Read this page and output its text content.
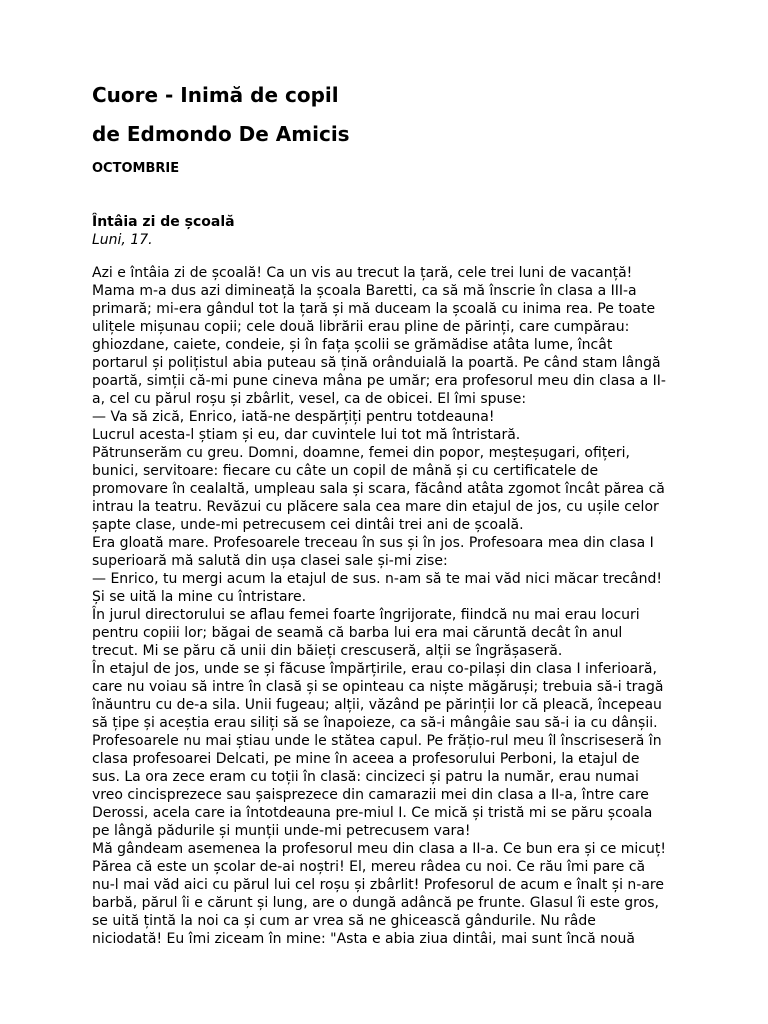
Cuore - Inimă de copil
de Edmondo De Amicis
OCTOMBRIE
Întâia zi de școală
Luni, 17.
Azi e întâia zi de școală! Ca un vis au trecut la țară, cele trei luni de vacanță!
Mama m-a dus azi dimineață la școala Baretti, ca să mă înscrie în clasa a III-a
primară; mi-era gândul tot la țară și mă duceam la școală cu inima rea. Pe toate
ulițele mișunau copii; cele două librării erau pline de părinți, care cumpărau:
ghiozdane, caiete, condeie, și în fața școlii se grămădise atâta lume, încât
portarul și polițistul abia puteau să țină orânduială la poartă. Pe când stam lângă
poartă, simții că-mi pune cineva mâna pe umăr; era profesorul meu din clasa a II-
a, cel cu părul roșu și zbârlit, vesel, ca de obicei. El îmi spuse:
— Va să zică, Enrico, iată-ne despărțiți pentru totdeauna!
Lucrul acesta-l știam și eu, dar cuvintele lui tot mă întristară.
Pătrunserăm cu greu. Domni, doamne, femei din popor, meșteșugari, ofițeri,
bunici, servitoare: fiecare cu câte un copil de mână și cu certificatele de
promovare în cealaltă, umpleau sala și scara, făcând atâta zgomot încât părea că
intrau la teatru. Revăzui cu plăcere sala cea mare din etajul de jos, cu ușile celor
șapte clase, unde-mi petrecusem cei dintâi trei ani de școală.
Era gloată mare. Profesoarele treceau în sus și în jos. Profesoara mea din clasa I
superioară mă salută din ușa clasei sale și-mi zise:
— Enrico, tu mergi acum la etajul de sus. n-am să te mai văd nici măcar trecând!
Și se uită la mine cu întristare.
În jurul directorului se aflau femei foarte îngrijorate, fiindcă nu mai erau locuri
pentru copiii lor; băgai de seamă că barba lui era mai căruntă decât în anul
trecut. Mi se păru că unii din băieți crescuseră, alții se îngrășaseră.
În etajul de jos, unde se și făcuse împărțirile, erau co-pilași din clasa I inferioară,
care nu voiau să intre în clasă și se opinteau ca niște măgăruși; trebuia să-i tragă
înăuntru cu de-a sila. Unii fugeau; alții, văzând pe părinții lor că pleacă, începeau
să țipe și aceștia erau siliți să se înapoieze, ca să-i mângâie sau să-i ia cu dânșii.
Profesoarele nu mai știau unde le stătea capul. Pe frățio-rul meu îl înscriseseră în
clasa profesoarei Delcati, pe mine în aceea a profesorului Perboni, la etajul de
sus. La ora zece eram cu toții în clasă: cincizeci și patru la număr, erau numai
vreo cincisprezece sau șaisprezece din camarazii mei din clasa a II-a, între care
Derossi, acela care ia întotdeauna pre-miul I. Ce mică și tristă mi se păru școala
pe lângă pădurile și munții unde-mi petrecusem vara!
Mă gândeam asemenea la profesorul meu din clasa a II-a. Ce bun era și ce micuț!
Părea că este un școlar de-ai noștri! El, mereu râdea cu noi. Ce rău îmi pare că
nu-l mai văd aici cu părul lui cel roșu și zbârlit! Profesorul de acum e înalt și n-are
barbă, părul îi e cărunt și lung, are o dungă adâncă pe frunte. Glasul îi este gros,
se uită țintă la noi ca și cum ar vrea să ne ghicească gândurile. Nu râde
niciodată! Eu îmi ziceam în mine: "Asta e abia ziua dintâi, mai sunt încă nouă
